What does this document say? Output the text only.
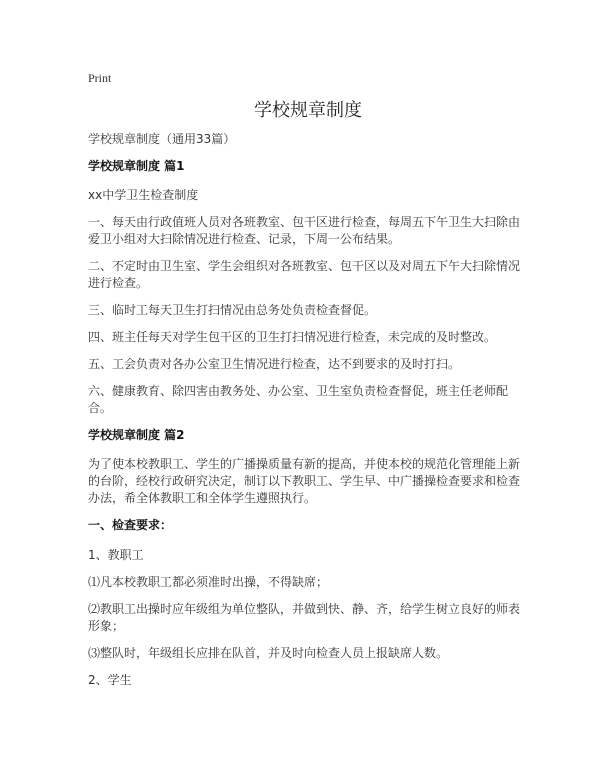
Print
学校规章制度

学校规章制度（通用33篇）

学校规章制度 篇1

xx中学卫生检查制度

一、每天由行政值班人员对各班教室、包干区进行检查，每周五下午卫生大扫除由爱卫小组对大扫除情况进行检查、记录，下周一公布结果。

二、不定时由卫生室、学生会组织对各班教室、包干区以及对周五下午大扫除情况进行检查。

三、临时工每天卫生打扫情况由总务处负责检查督促。

四、班主任每天对学生包干区的卫生打扫情况进行检查，未完成的及时整改。

五、工会负责对各办公室卫生情况进行检查，达不到要求的及时打扫。

六、健康教育、除四害由教务处、办公室、卫生室负责检查督促，班主任老师配合。

学校规章制度 篇2

为了使本校教职工、学生的广播操质量有新的提高，并使本校的规范化管理能上新的台阶，经校行政研究决定，制订以下教职工、学生早、中广播操检查要求和检查办法，希全体教职工和全体学生遵照执行。

一、检查要求：

1、教职工

⑴凡本校教职工都必须准时出操，不得缺席；

⑵教职工出操时应年级组为单位整队，并做到快、静、齐，给学生树立良好的师表形象；

⑶整队时，年级组长应排在队首，并及时向检查人员上报缺席人数。

2、学生
